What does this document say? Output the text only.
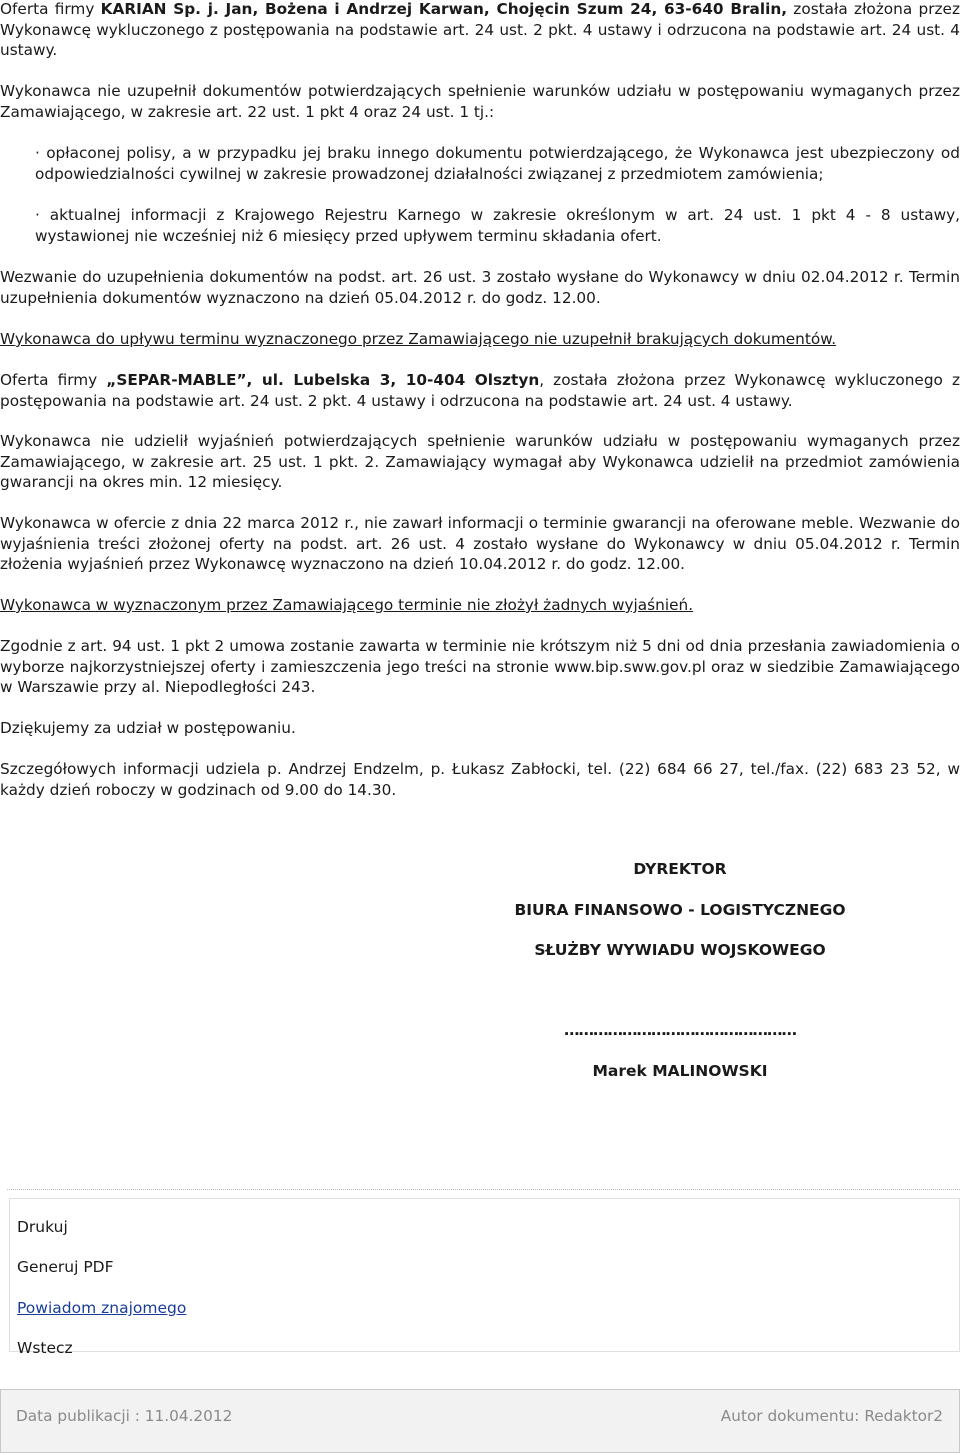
Oferta firmy KARIAN Sp. j. Jan, Bożena i Andrzej Karwan, Chojęcin Szum 24, 63-640 Bralin, została złożona przez Wykonawcę wykluczonego z postępowania na podstawie art. 24 ust. 2 pkt. 4 ustawy i odrzucona na podstawie art. 24 ust. 4 ustawy.

Wykonawca nie uzupełnił dokumentów potwierdzających spełnienie warunków udziału w postępowaniu wymaganych przez Zamawiającego, w zakresie art. 22 ust. 1 pkt 4 oraz 24 ust. 1 tj.:

· opłaconej polisy, a w przypadku jej braku innego dokumentu potwierdzającego, że Wykonawca jest ubezpieczony od odpowiedzialności cywilnej w zakresie prowadzonej działalności związanej z przedmiotem zamówienia;

· aktualnej informacji z Krajowego Rejestru Karnego w zakresie określonym w art. 24 ust. 1 pkt 4 - 8 ustawy, wystawionej nie wcześniej niż 6 miesięcy przed upływem terminu składania ofert.

Wezwanie do uzupełnienia dokumentów na podst. art. 26 ust. 3 zostało wysłane do Wykonawcy w dniu 02.04.2012 r. Termin uzupełnienia dokumentów wyznaczono na dzień 05.04.2012 r. do godz. 12.00.

Wykonawca do upływu terminu wyznaczonego przez Zamawiającego nie uzupełnił brakujących dokumentów.

Oferta firmy „SEPAR-MABLE”, ul. Lubelska 3, 10-404 Olsztyn, została złożona przez Wykonawcę wykluczonego z postępowania na podstawie art. 24 ust. 2 pkt. 4 ustawy i odrzucona na podstawie art. 24 ust. 4 ustawy.

Wykonawca nie udzielił wyjaśnień potwierdzających spełnienie warunków udziału w postępowaniu wymaganych przez Zamawiającego, w zakresie art. 25 ust. 1 pkt. 2. Zamawiający wymagał aby Wykonawca udzielił na przedmiot zamówienia gwarancji na okres min. 12 miesięcy.

Wykonawca w ofercie z dnia 22 marca 2012 r., nie zawarł informacji o terminie gwarancji na oferowane meble. Wezwanie do wyjaśnienia treści złożonej oferty na podst. art. 26 ust. 4 zostało wysłane do Wykonawcy w dniu 05.04.2012 r. Termin złożenia wyjaśnień przez Wykonawcę wyznaczono na dzień 10.04.2012 r. do godz. 12.00.

Wykonawca w wyznaczonym przez Zamawiającego terminie nie złożył żadnych wyjaśnień.

Zgodnie z art. 94 ust. 1 pkt 2 umowa zostanie zawarta w terminie nie krótszym niż 5 dni od dnia przesłania zawiadomienia o wyborze najkorzystniejszej oferty i zamieszczenia jego treści na stronie www.bip.sww.gov.pl oraz w siedzibie Zamawiającego w Warszawie przy al. Niepodległości 243.

Dziękujemy za udział w postępowaniu.

Szczegółowych informacji udziela p. Andrzej Endzelm, p. Łukasz Zabłocki, tel. (22) 684 66 27, tel./fax. (22) 683 23 52, w każdy dzień roboczy w godzinach od 9.00 do 14.30.

DYREKTOR
BIURA FINANSOWO - LOGISTYCZNEGO
SŁUŻBY WYWIADU WOJSKOWEGO
…………………………………………
Marek MALINOWSKI
Drukuj
Generuj PDF
Powiadom znajomego
Wstecz
Data publikacji : 11.04.2012	Autor dokumentu: Redaktor2
